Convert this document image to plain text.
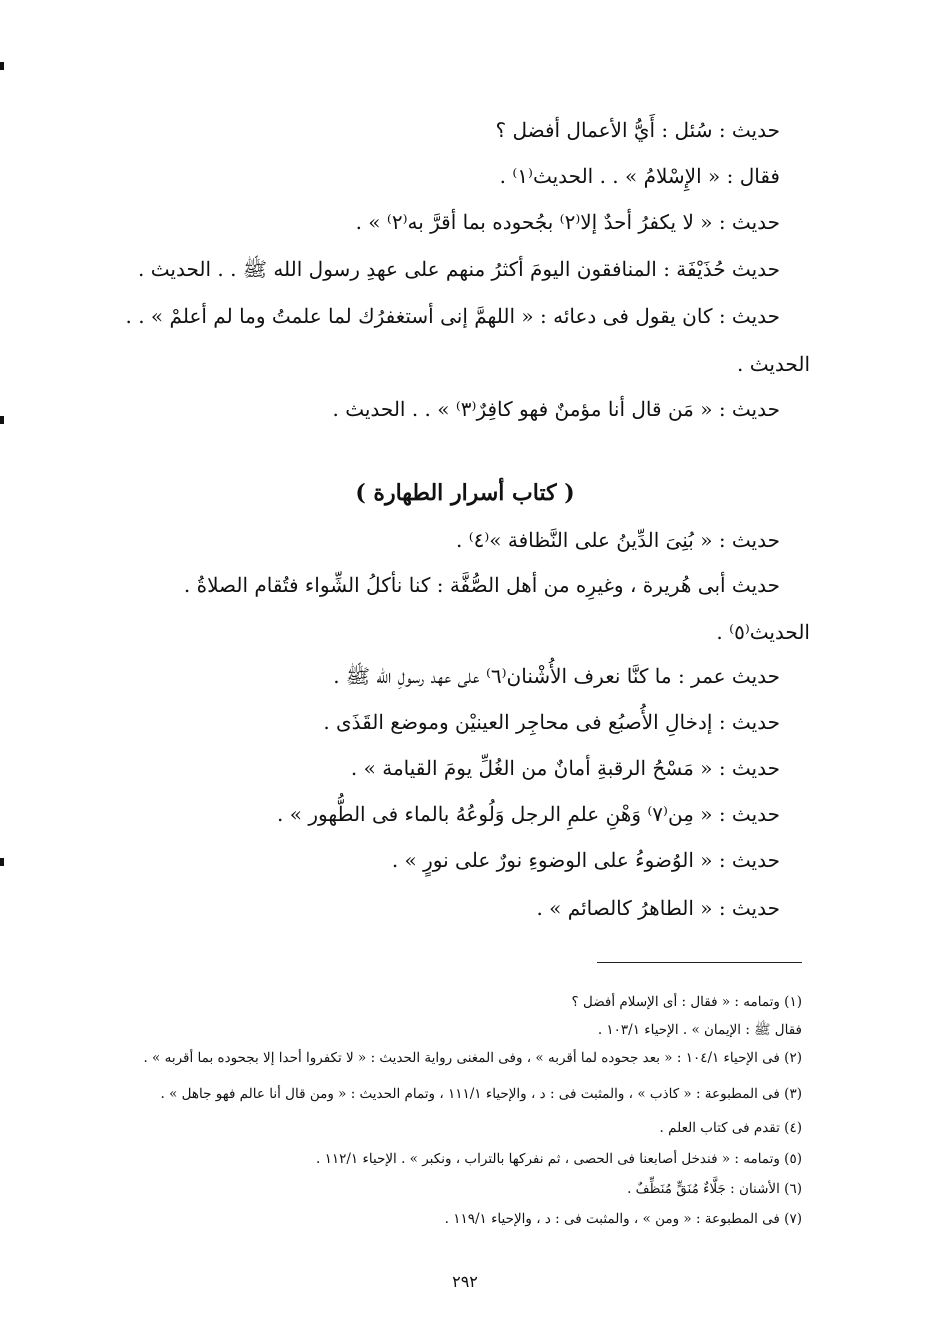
حديث : سُئل : أَيُّ الأعمال أفضل ؟
فقال : « الإِسْلامُ » . . الحديث⁽١⁾ .
حديث : « لا يكفرُ أحدٌ إلا⁽٢⁾ بجُحوده بما أقرَّ به⁽٢⁾ » .
حديث حُذَيْفَة : المنافقون اليومَ أكثرُ منهم على عهدِ رسول الله ﷺ . . الحديث .
حديث : كان يقول فى دعائه : « اللهمَّ إنى أستغفرُك لما علمتُ وما لم أعلمْ » . .
الحديث .
حديث : « مَن قال أنا مؤمنٌ فهو كافِرٌ⁽٣⁾ » . . الحديث .
( كتاب أسرار الطهارة )
حديث : « بُنِىَ الدِّينُ على النَّظافة »⁽٤⁾ .
حديث أبى هُريرة ، وغيرِه من أهل الصُّفَّة : كنا نأكلُ الشِّواء فتُقام الصلاةُ .
الحديث⁽٥⁾ .
حديث عمر : ما كنَّا نعرف الأُشْنان⁽٦⁾ على عهد رسولِ الله ﷺ .
حديث : إدخالِ الأُصبُع فى محاجِر العينيْن وموضع القَذَى .
حديث : « مَسْحُ الرقبةِ أمانٌ من الغُلِّ يومَ القيامة » .
حديث : « مِن⁽٧⁾ وَهْنِ علمِ الرجل وَلُوعُهُ بالماء فى الطُّهور » .
حديث : « الوُضوءُ على الوضوءِ نورٌ على نورٍ » .
حديث : « الطاهرُ كالصائم » .
(١) وتمامه : « فقال : أى الإسلام أفضل ؟
فقال ﷺ : الإيمان » . الإحياء ١٠٣/١ .
(٢) فى الإحياء ١٠٤/١ : « بعد جحوده لما أقربه » ، وفى المغنى رواية الحديث : « لا تكفروا أحدا إلا بجحوده بما أقربه » .
(٣) فى المطبوعة : « كاذب » ، والمثبت فى : د ، والإحياء ١١١/١ ، وتمام الحديث : « ومن قال أنا عالم فهو جاهل » .
(٤) تقدم فى كتاب العلم .
(٥) وتمامه : « فندخل أصابعنا فى الحصى ، ثم نفركها بالتراب ، ونكبر » . الإحياء ١١٢/١ .
(٦) الأشنان : جَلَّاءٌ مُنَقٍّ مُنَظِّفٌ .
(٧) فى المطبوعة : « ومن » ، والمثبت فى : د ، والإحياء ١١٩/١ .
٢٩٢
